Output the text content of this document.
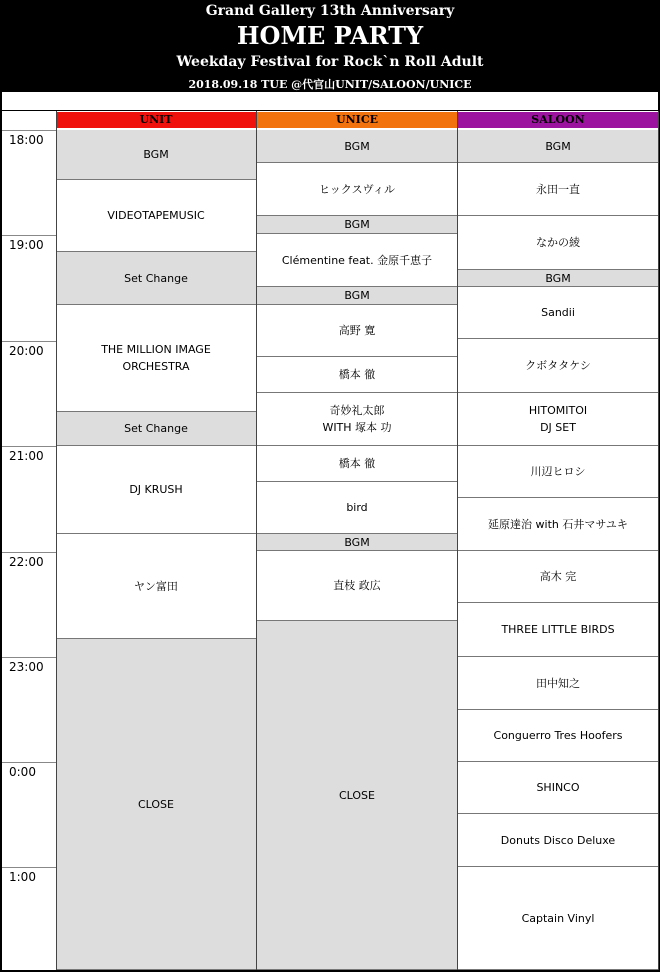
Grand Gallery 13th Anniversary
HOME PARTY
Weekday Festival for Rock`n Roll Adult
2018.09.18 TUE @代官山UNIT/SALOON/UNICE
UNIT	UNICE	SALOON
18:00
19:00
20:00
21:00
22:00
23:00
0:00
1:00
BGM
VIDEOTAPEMUSIC
Set Change
THE MILLION IMAGE
ORCHESTRA
Set Change
DJ KRUSH
ヤン富田
CLOSE
BGM
ヒックスヴィル
BGM
Clémentine feat. 金原千恵子
BGM
高野 寛
橋本 徹
奇妙礼太郎
WITH 塚本 功
橋本 徹
bird
BGM
直枝 政広
CLOSE
BGM
永田一直
なかの綾
BGM
Sandii
クボタタケシ
HITOMITOI
DJ SET
川辺ヒロシ
延原達治 with 石井マサユキ
高木 完
THREE LITTLE BIRDS
田中知之
Conguerro Tres Hoofers
SHINCO
Donuts Disco Deluxe
Captain Vinyl
